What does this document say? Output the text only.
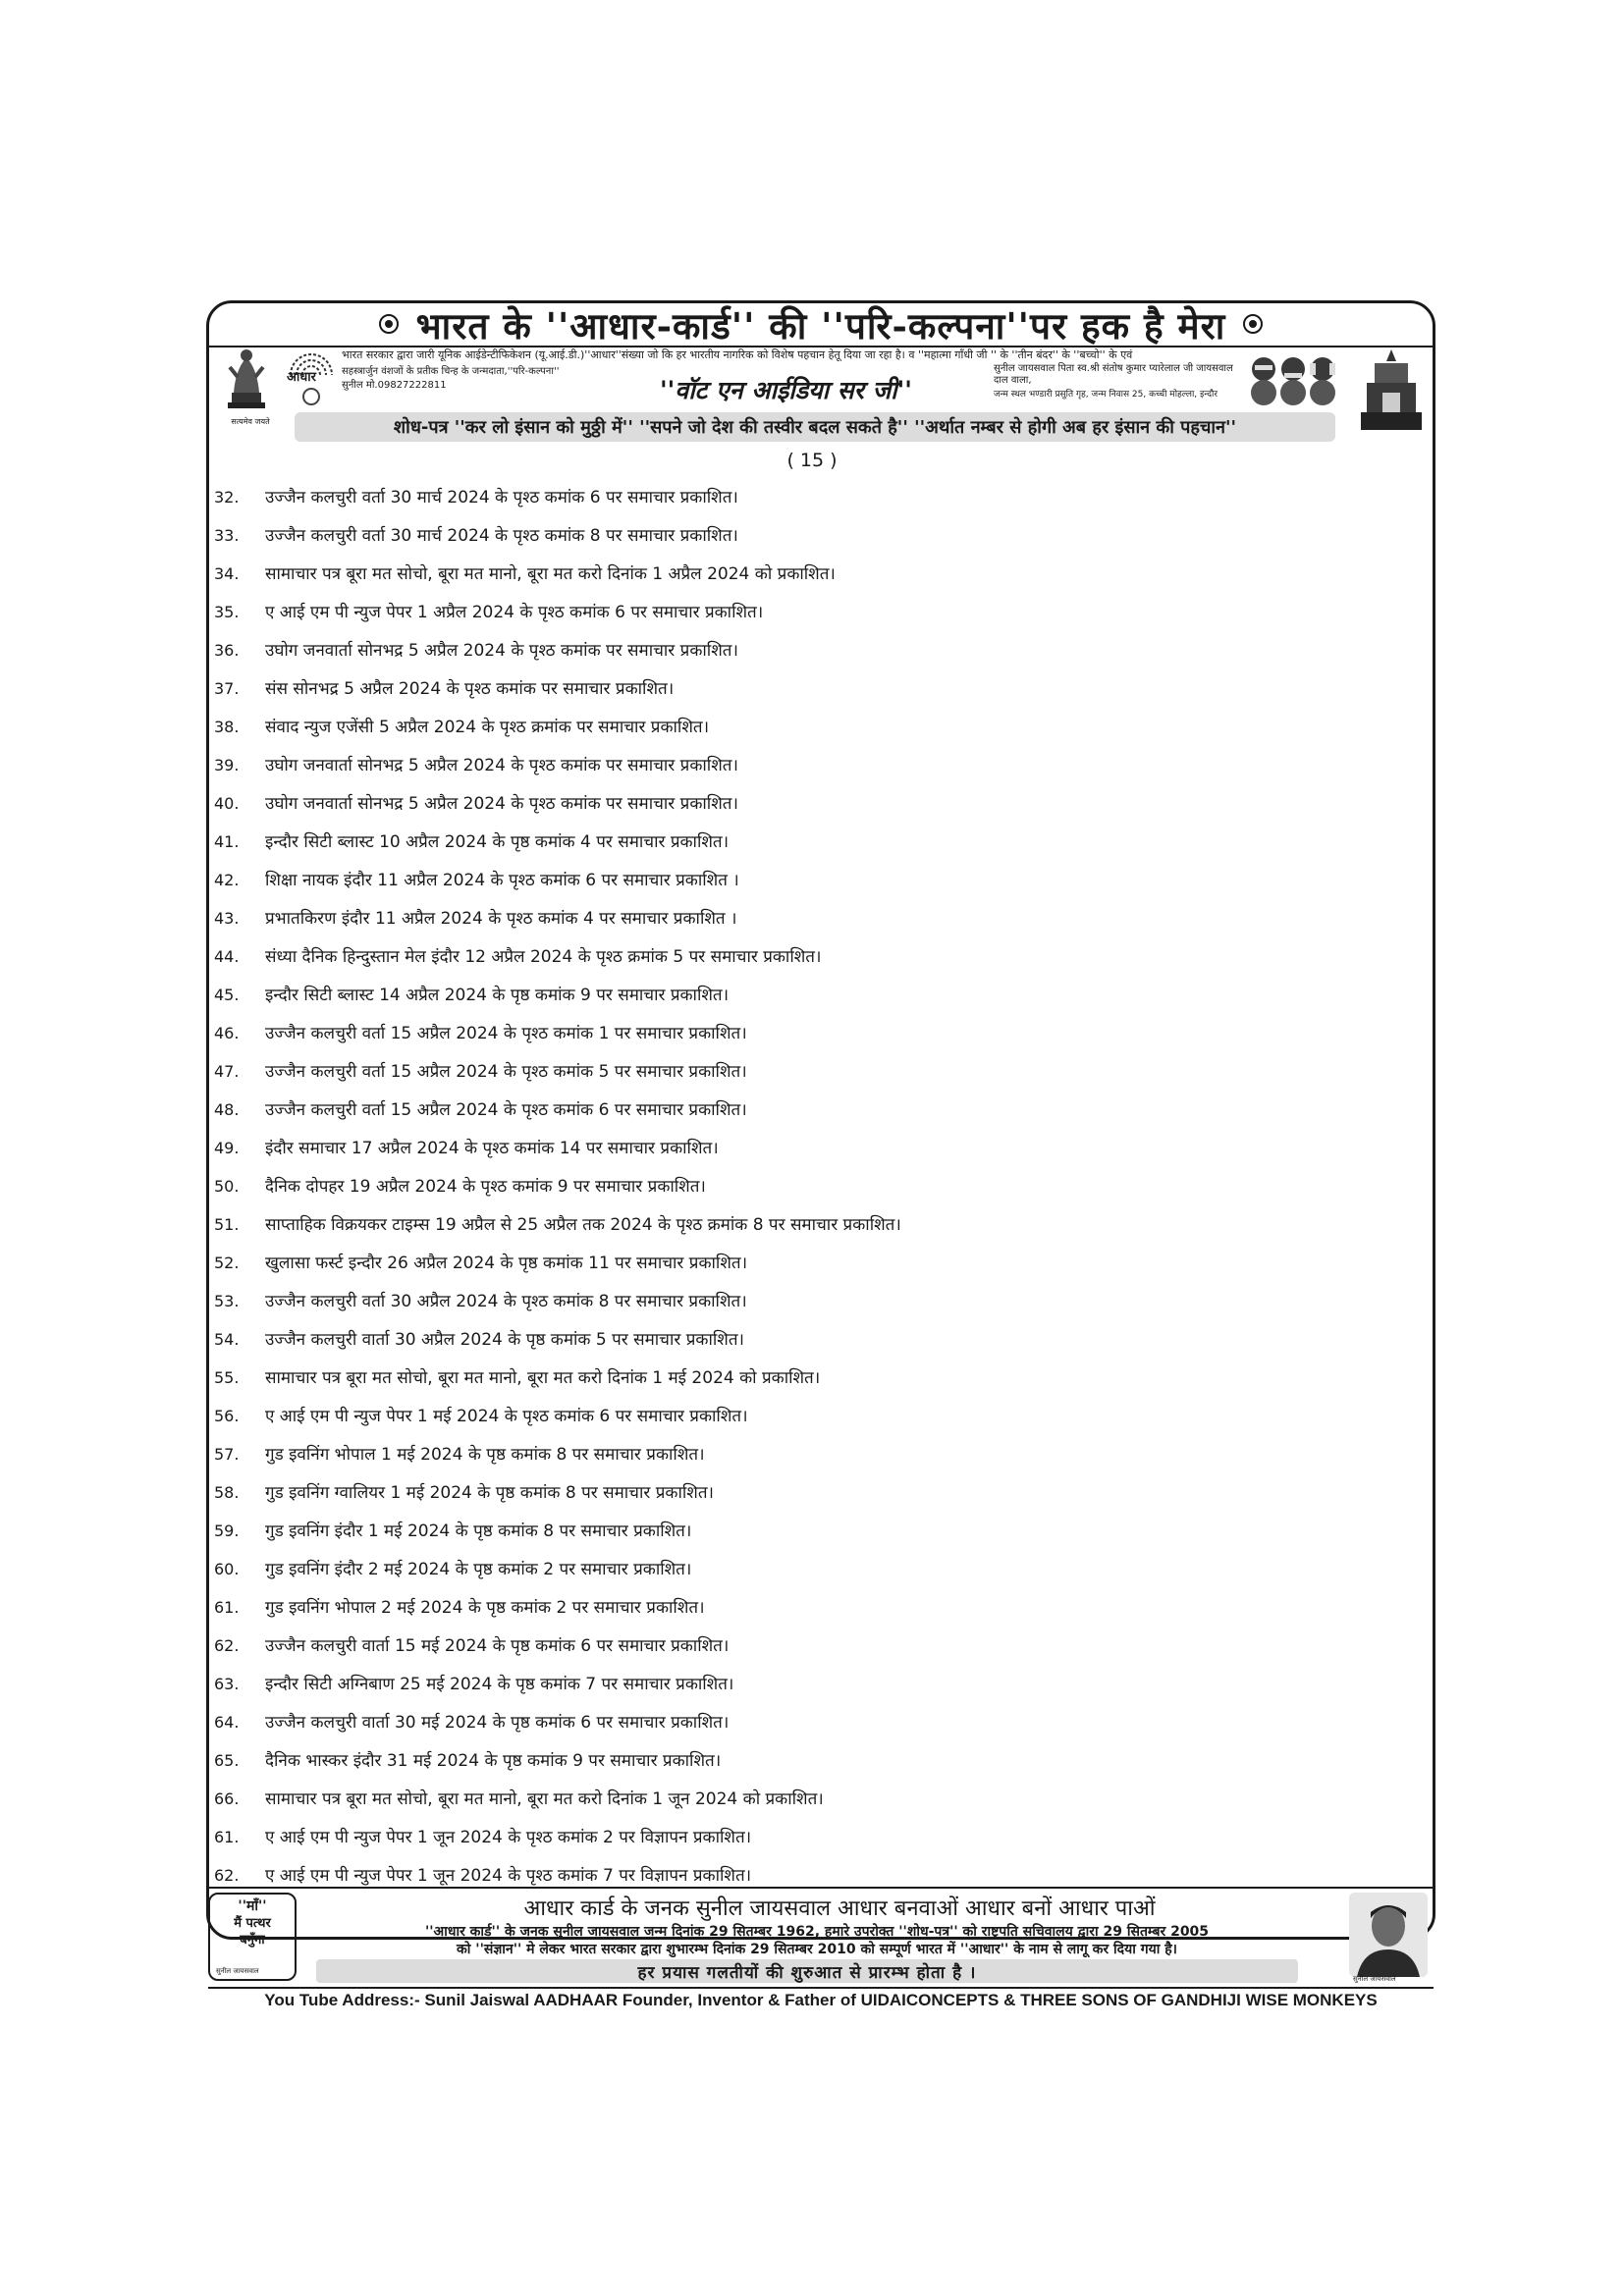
भारत के ''आधार-कार्ड'' की ''परि-कल्पना''पर हक है मेरा
सत्यमेव जयते
आधार
भारत सरकार द्वारा जारी यूनिक आईडेन्टीफिकेशन (यू.आई.डी.)''आधार''संख्या जो कि हर भारतीय नागरिक को विशेष पहचान हेतू दिया जा रहा है। व ''महात्मा गाँधी जी '' के ''तीन बंदर'' के ''बच्चो'' के एवं
सहस्त्रार्जुन वंशजों के प्रतीक चिन्ह के जन्मदाता,''परि-कल्पना''
सुनील मो.09827222811	''वॉट एन आईडिया सर जी''
सुनील जायसवाल पिता स्व.श्री संतोष कुमार प्यारेलाल जी जायसवाल दाल वाला,
जन्म स्थल भण्डारी प्रसुति गृह, जन्म निवास 25, कच्ची मोहल्ला, इन्दौर
शोध-पत्र ''कर लो इंसान को मुठ्ठी में'' ''सपने जो देश की तस्वीर बदल सकते है'' ''अर्थात नम्बर से होगी अब हर इंसान की पहचान''
( 15 )
32.	उज्जैन कलचुरी वर्ता 30 मार्च 2024 के पृश्ठ कमांक 6 पर समाचार प्रकाशित।
33.	उज्जैन कलचुरी वर्ता 30 मार्च 2024 के पृश्ठ कमांक 8 पर समाचार प्रकाशित।
34.	सामाचार पत्र बूरा मत सोचो, बूरा मत मानो, बूरा मत करो दिनांक 1 अप्रैल 2024 को प्रकाशित।
35.	ए आई एम पी न्युज पेपर 1 अप्रैल 2024 के पृश्ठ कमांक 6 पर समाचार प्रकाशित।
36.	उघोग जनवार्ता सोनभद्र 5 अप्रैल 2024 के पृश्ठ कमांक पर समाचार प्रकाशित।
37.	संस सोनभद्र 5 अप्रैल 2024 के पृश्ठ कमांक पर समाचार प्रकाशित।
38.	संवाद न्युज एजेंसी 5 अप्रैल 2024 के पृश्ठ क्रमांक पर समाचार प्रकाशित।
39.	उघोग जनवार्ता सोनभद्र 5 अप्रैल 2024 के पृश्ठ कमांक पर समाचार प्रकाशित।
40.	उघोग जनवार्ता सोनभद्र 5 अप्रैल 2024 के पृश्ठ कमांक पर समाचार प्रकाशित।
41.	इन्दौर सिटी ब्लास्ट 10 अप्रैल 2024 के पृष्ठ कमांक 4 पर समाचार प्रकाशित।
42.	शिक्षा नायक इंदौर 11 अप्रैल 2024 के पृश्ठ कमांक 6 पर समाचार प्रकाशित ।
43.	प्रभातकिरण इंदौर 11 अप्रैल 2024 के पृश्ठ कमांक 4 पर समाचार प्रकाशित ।
44.	संध्या दैनिक हिन्दुस्तान मेल इंदौर 12 अप्रैल 2024 के पृश्ठ क्रमांक 5 पर समाचार प्रकाशित।
45.	इन्दौर सिटी ब्लास्ट 14 अप्रैल 2024 के पृष्ठ कमांक 9 पर समाचार प्रकाशित।
46.	उज्जैन कलचुरी वर्ता 15 अप्रैल 2024 के पृश्ठ कमांक 1 पर समाचार प्रकाशित।
47.	उज्जैन कलचुरी वर्ता 15 अप्रैल 2024 के पृश्ठ कमांक 5 पर समाचार प्रकाशित।
48.	उज्जैन कलचुरी वर्ता 15 अप्रैल 2024 के पृश्ठ कमांक 6 पर समाचार प्रकाशित।
49.	इंदौर समाचार 17 अप्रैल 2024 के पृश्ठ कमांक 14 पर समाचार प्रकाशित।
50.	दैनिक दोपहर 19 अप्रैल 2024 के पृश्ठ कमांक 9 पर समाचार प्रकाशित।
51.	साप्ताहिक विक्रयकर टाइम्स 19 अप्रैल से 25 अप्रैल तक 2024 के पृश्ठ क्रमांक 8 पर समाचार प्रकाशित।
52.	खुलासा फर्स्ट इन्दौर 26 अप्रैल 2024 के पृष्ठ कमांक 11 पर समाचार प्रकाशित।
53.	उज्जैन कलचुरी वर्ता 30 अप्रैल 2024 के पृश्ठ कमांक 8 पर समाचार प्रकाशित।
54.	उज्जैन कलचुरी वार्ता 30 अप्रैल 2024 के पृष्ठ कमांक 5 पर समाचार प्रकाशित।
55.	सामाचार पत्र बूरा मत सोचो, बूरा मत मानो, बूरा मत करो दिनांक 1 मई 2024 को प्रकाशित।
56.	ए आई एम पी न्युज पेपर 1 मई 2024 के पृश्ठ कमांक 6 पर समाचार प्रकाशित।
57.	गुड इवनिंग भोपाल 1 मई 2024 के पृष्ठ कमांक 8 पर समाचार प्रकाशित।
58.	गुड इवनिंग ग्वालियर 1 मई 2024 के पृष्ठ कमांक 8 पर समाचार प्रकाशित।
59.	गुड इवनिंग इंदौर 1 मई 2024 के पृष्ठ कमांक 8 पर समाचार प्रकाशित।
60.	गुड इवनिंग इंदौर 2 मई 2024 के पृष्ठ कमांक 2 पर समाचार प्रकाशित।
61.	गुड इवनिंग भोपाल 2 मई 2024 के पृष्ठ कमांक 2 पर समाचार प्रकाशित।
62.	उज्जैन कलचुरी वार्ता 15 मई 2024 के पृष्ठ कमांक 6 पर समाचार प्रकाशित।
63.	इन्दौर सिटी अग्निबाण 25 मई 2024 के पृष्ठ कमांक 7 पर समाचार प्रकाशित।
64.	उज्जैन कलचुरी वार्ता 30 मई 2024 के पृष्ठ कमांक 6 पर समाचार प्रकाशित।
65.	दैनिक भास्कर इंदौर 31 मई 2024 के पृष्ठ कमांक 9 पर समाचार प्रकाशित।
66.	सामाचार पत्र बूरा मत सोचो, बूरा मत मानो, बूरा मत करो दिनांक 1 जून 2024 को प्रकाशित।
61.	ए आई एम पी न्युज पेपर 1 जून 2024 के पृश्ठ कमांक 2 पर विज्ञापन प्रकाशित।
62.	ए आई एम पी न्युज पेपर 1 जून 2024 के पृश्ठ कमांक 7 पर विज्ञापन प्रकाशित।
''माँ''
मैं पत्थर
बनुँगा
सुनील जायसवाल
आधार कार्ड के जनक सुनील जायसवाल आधार बनवाओं आधार बनों आधार पाओं
''आधार कार्ड'' के जनक सुनील जायसवाल जन्म दिनांक 29 सितम्बर 1962, हमारे उपरोक्त ''शोध-पत्र'' को राष्ट्रपति सचिवालय द्वारा 29 सितम्बर 2005
को ''संज्ञान'' मे लेकर भारत सरकार द्वारा शुभारम्भ दिनांक 29 सितम्बर 2010 को सम्पूर्ण भारत में ''आधार'' के नाम से लागू कर दिया गया है।
हर प्रयास गलतीयों की शुरुआत से प्रारम्भ होता है ।	सुनील जायसवाल
You Tube Address:- Sunil Jaiswal AADHAAR Founder, Inventor & Father of UIDAICONCEPTS & THREE SONS OF GANDHIJI WISE MONKEYS
